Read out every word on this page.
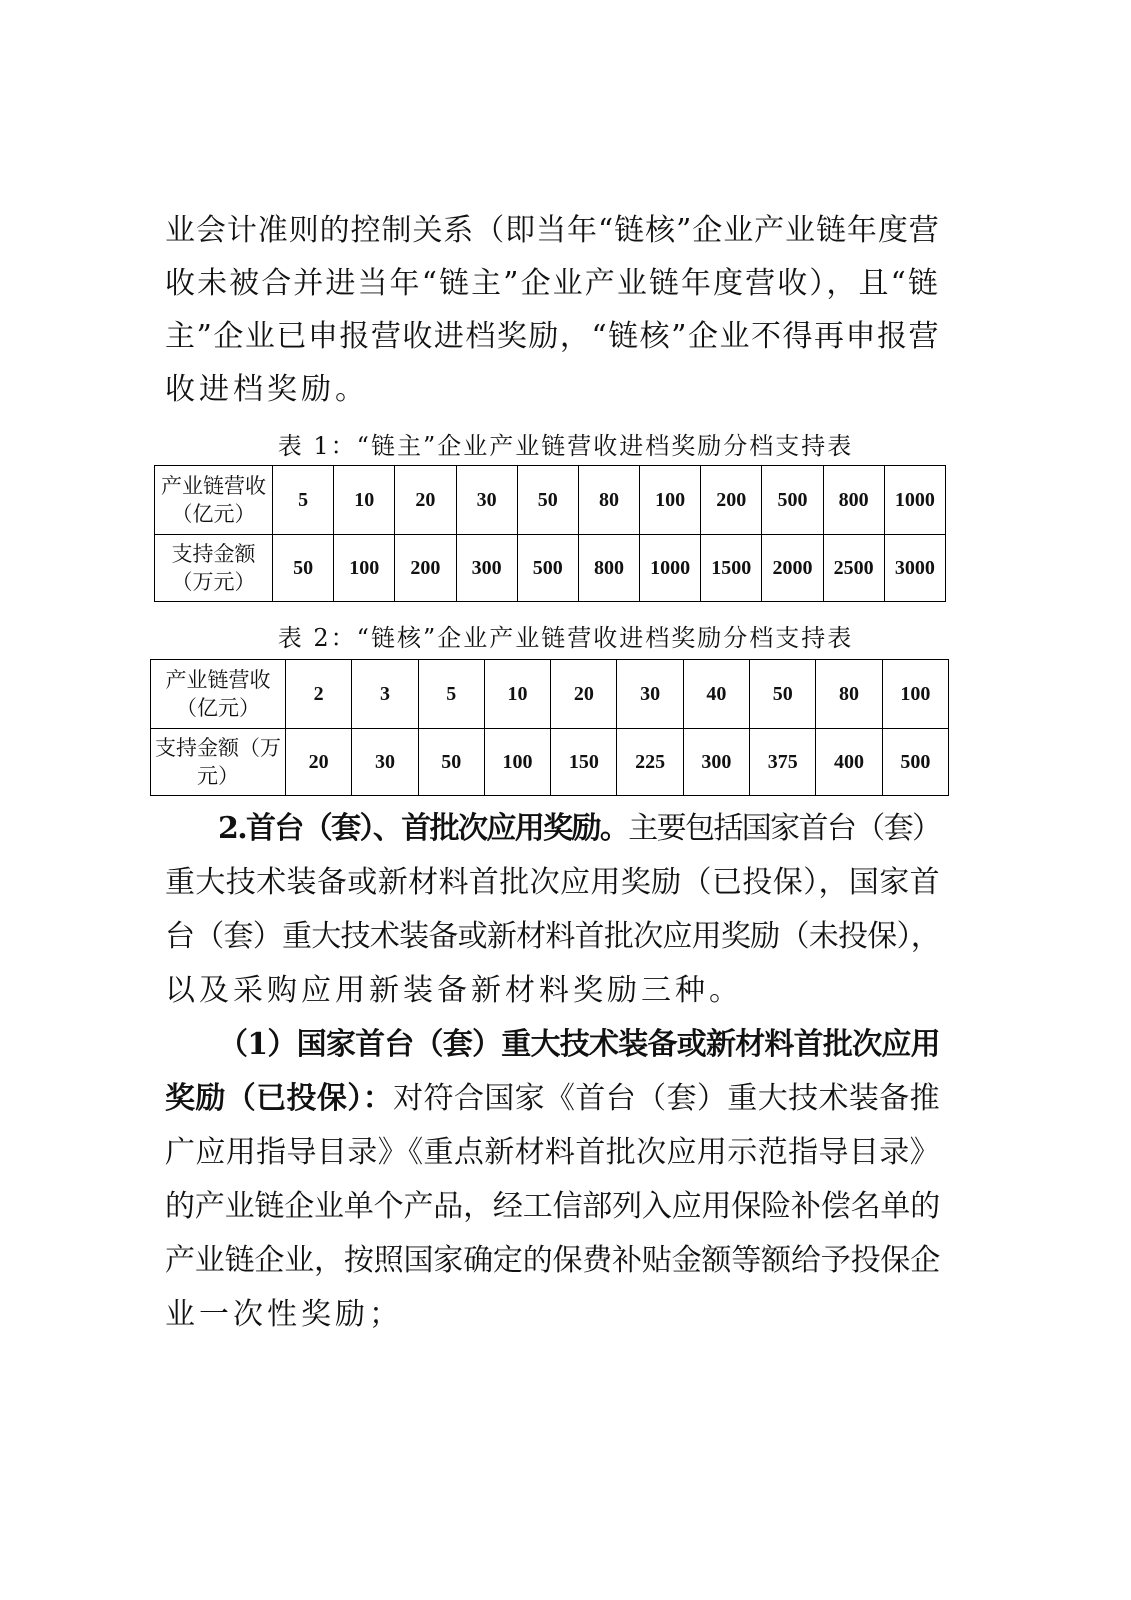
业会计准则的控制关系（即当年“链核”企业产业链年度营

收未被合并进当年“链主”企业产业链年度营收），且“链

主”企业已申报营收进档奖励，“链核”企业不得再申报营

收进档奖励。

表 1：“链主”企业产业链营收进档奖励分档支持表

产业链营收（亿元）	5	10	20	30	50	80	100	200	500	800	1000
支持金额（万元）	50	100	200	300	500	800	1000	1500	2000	2500	3000

表 2：“链核”企业产业链营收进档奖励分档支持表

产业链营收（亿元）	2	3	5	10	20	30	40	50	80	100
支持金额（万元）	20	30	50	100	150	225	300	375	400	500

2.首台（套）、首批次应用奖励。主要包括国家首台（套）

重大技术装备或新材料首批次应用奖励（已投保），国家首

台（套）重大技术装备或新材料首批次应用奖励（未投保），

以及采购应用新装备新材料奖励三种。

（1）国家首台（套）重大技术装备或新材料首批次应用

奖励（已投保）：对符合国家《首台（套）重大技术装备推

广应用指导目录》《重点新材料首批次应用示范指导目录》

的产业链企业单个产品，经工信部列入应用保险补偿名单的

产业链企业，按照国家确定的保费补贴金额等额给予投保企

业一次性奖励；
